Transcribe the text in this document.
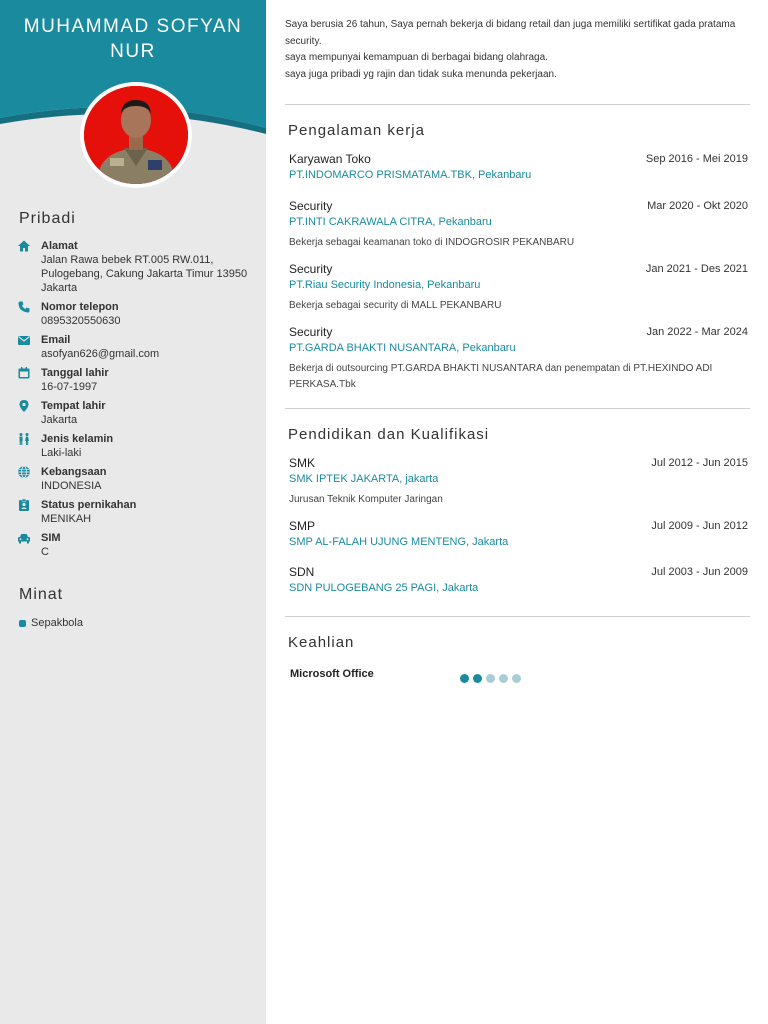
MUHAMMAD SOFYAN NUR
Pribadi
Alamat
Jalan Rawa bebek RT.005 RW.011, Pulogebang, Cakung Jakarta Timur 13950 Jakarta
Nomor telepon
0895320550630
Email
asofyan626@gmail.com
Tanggal lahir
16-07-1997
Tempat lahir
Jakarta
Jenis kelamin
Laki-laki
Kebangsaan
INDONESIA
Status pernikahan
MENIKAH
SIM
C
Minat
Sepakbola
Saya berusia 26 tahun, Saya pernah bekerja di bidang retail dan juga memiliki sertifikat gada pratama security.
saya mempunyai kemampuan di berbagai bidang olahraga.
saya juga pribadi yg rajin dan tidak suka menunda pekerjaan.
Pengalaman kerja
Karyawan Toko	Sep 2016 - Mei 2019
PT.INDOMARCO PRISMATAMA.TBK, Pekanbaru
Security	Mar 2020 - Okt 2020
PT.INTI CAKRAWALA CITRA, Pekanbaru
Bekerja sebagai keamanan toko di INDOGROSIR PEKANBARU
Security	Jan 2021 - Des 2021
PT.Riau Security Indonesia, Pekanbaru
Bekerja sebagai security di MALL PEKANBARU
Security	Jan 2022 - Mar 2024
PT.GARDA BHAKTI NUSANTARA, Pekanbaru
Bekerja di outsourcing PT.GARDA BHAKTI NUSANTARA dan penempatan di PT.HEXINDO ADI PERKASA.Tbk
Pendidikan dan Kualifikasi
SMK	Jul 2012 - Jun 2015
SMK IPTEK JAKARTA, jakarta
Jurusan Teknik Komputer Jaringan
SMP	Jul 2009 - Jun 2012
SMP AL-FALAH UJUNG MENTENG, Jakarta
SDN	Jul 2003 - Jun 2009
SDN PULOGEBANG 25 PAGI, Jakarta
Keahlian
Microsoft Office
